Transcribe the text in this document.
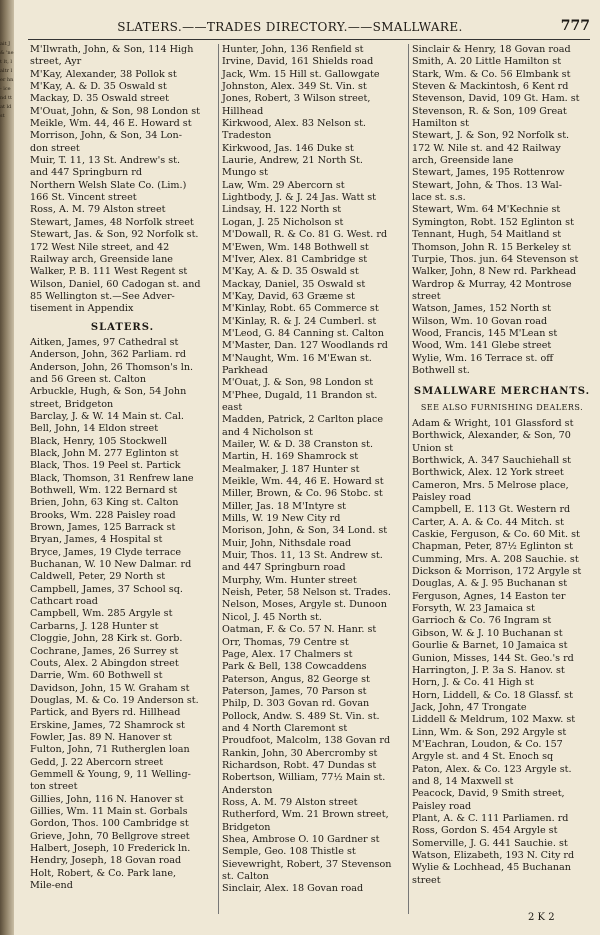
ait J & 'net lt, laltr ler hn- ice nd tt at ld st
SLATERS.——TRADES DIRECTORY.——SMALLWARE.	777
M'Ilwrath, John, & Son, 114 High
street, Ayr
M'Kay, Alexander, 38 Pollok st
M'Kay, A. & D. 35 Oswald st
Mackay, D. 35 Oswald street
M'Ouat, John, & Son, 98 London st
Meikle, Wm. 44, 46 E. Howard st
Morrison, John, & Son, 34 Lon-
don street
Muir, T. 11, 13 St. Andrew's st.
and 447 Springburn rd
Northern Welsh Slate Co. (Lim.)
166 St. Vincent street
Ross, A. M. 79 Alston street
Stewart, James, 48 Norfolk street
Stewart, Jas. & Son, 92 Norfolk st.
172 West Nile street, and 42
Railway arch, Greenside lane
Walker, P. B. 111 West Regent st
Wilson, Daniel, 60 Cadogan st. and
85 Wellington st.—See Adver-
tisement in Appendix
SLATERS.
Aitken, James, 97 Cathedral st
Anderson, John, 362 Parliam. rd
Anderson, John, 26 Thomson's ln.
and 56 Green st. Calton
Arbuckle, Hugh, & Son, 54 John
street, Bridgeton
Barclay, J. & W. 14 Main st. Cal.
Bell, John, 14 Eldon street
Black, Henry, 105 Stockwell
Black, John M. 277 Eglinton st
Black, Thos. 19 Peel st. Partick
Black, Thomson, 31 Renfrew lane
Bothwell, Wm. 122 Bernard st
Brien, John, 63 King st. Calton
Brooks, Wm. 228 Paisley road
Brown, James, 125 Barrack st
Bryan, James, 4 Hospital st
Bryce, James, 19 Clyde terrace
Buchanan, W. 10 New Dalmar. rd
Caldwell, Peter, 29 North st
Campbell, James, 37 School sq.
Cathcart road
Campbell, Wm. 285 Argyle st
Carbarns, J. 128 Hunter st
Cloggie, John, 28 Kirk st. Gorb.
Cochrane, James, 26 Surrey st
Couts, Alex. 2 Abingdon street
Darrie, Wm. 60 Bothwell st
Davidson, John, 15 W. Graham st
Douglas, M. & Co. 19 Anderson st.
Partick, and Byers rd. Hillhead
Erskine, James, 72 Shamrock st
Fowler, Jas. 89 N. Hanover st
Fulton, John, 71 Rutherglen loan
Gedd, J. 22 Abercorn street
Gemmell & Young, 9, 11 Welling-
ton street
Gillies, John, 116 N. Hanover st
Gillies, Wm. 11 Main st. Gorbals
Gordon, Thos. 100 Cambridge st
Grieve, John, 70 Bellgrove street
Halbert, Joseph, 10 Frederick ln.
Hendry, Joseph, 18 Govan road
Holt, Robert, & Co. Park lane,
Mile-end
Hunter, John, 136 Renfield st
Irvine, David, 161 Shields road
Jack, Wm. 15 Hill st. Gallowgate
Johnston, Alex. 349 St. Vin. st
Jones, Robert, 3 Wilson street,
Hillhead
Kirkwood, Alex. 83 Nelson st.
Tradeston
Kirkwood, Jas. 146 Duke st
Laurie, Andrew, 21 North St.
Mungo st
Law, Wm. 29 Abercorn st
Lightbody, J. & J. 24 Jas. Watt st
Lindsay, H. 122 North st
Logan, J. 25 Nicholson st
M'Dowall, R. & Co. 81 G. West. rd
M'Ewen, Wm. 148 Bothwell st
M'Iver, Alex. 81 Cambridge st
M'Kay, A. & D. 35 Oswald st
Mackay, Daniel, 35 Oswald st
M'Kay, David, 63 Græme st
M'Kinlay, Robt. 65 Commerce st
M'Kinlay, R. & J. 24 Cumberl. st
M'Leod, G. 84 Canning st. Calton
M'Master, Dan. 127 Woodlands rd
M'Naught, Wm. 16 M'Ewan st.
Parkhead
M'Ouat, J. & Son, 98 London st
M'Phee, Dugald, 11 Brandon st.
east
Madden, Patrick, 2 Carlton place
and 4 Nicholson st
Mailer, W. & D. 38 Cranston st.
Martin, H. 169 Shamrock st
Mealmaker, J. 187 Hunter st
Meikle, Wm. 44, 46 E. Howard st
Miller, Brown, & Co. 96 Stobc. st
Miller, Jas. 18 M'Intyre st
Mills, W. 19 New City rd
Morison, John, & Son, 34 Lond. st
Muir, John, Nithsdale road
Muir, Thos. 11, 13 St. Andrew st.
and 447 Springburn road
Murphy, Wm. Hunter street
Neish, Peter, 58 Nelson st. Trades.
Nelson, Moses, Argyle st. Dunoon
Nicol, J. 45 North st.
Oatman, F. & Co. 57 N. Hanr. st
Orr, Thomas, 79 Centre st
Page, Alex. 17 Chalmers st
Park & Bell, 138 Cowcaddens
Paterson, Angus, 82 George st
Paterson, James, 70 Parson st
Philp, D. 303 Govan rd. Govan
Pollock, Andw. S. 489 St. Vin. st.
and 4 North Claremont st
Proudfoot, Malcolm, 138 Govan rd
Rankin, John, 30 Abercromby st
Richardson, Robt. 47 Dundas st
Robertson, William, 77½ Main st.
Anderston
Ross, A. M. 79 Alston street
Rutherford, Wm. 21 Brown street,
Bridgeton
Shea, Ambrose O. 10 Gardner st
Semple, Geo. 108 Thistle st
Sievewright, Robert, 37 Stevenson
st. Calton
Sinclair, Alex. 18 Govan road
Sinclair & Henry, 18 Govan road
Smith, A. 20 Little Hamilton st
Stark, Wm. & Co. 56 Elmbank st
Steven & Mackintosh, 6 Kent rd
Stevenson, David, 109 Gt. Ham. st
Stevenson, R. & Son, 109 Great
Hamilton st
Stewart, J. & Son, 92 Norfolk st.
172 W. Nile st. and 42 Railway
arch, Greenside lane
Stewart, James, 195 Rottenrow
Stewart, John, & Thos. 13 Wal-
lace st. s.s.
Stewart, Wm. 64 M'Kechnie st
Symington, Robt. 152 Eglinton st
Tennant, Hugh, 54 Maitland st
Thomson, John R. 15 Berkeley st
Turpie, Thos. jun. 64 Stevenson st
Walker, John, 8 New rd. Parkhead
Wardrop & Murray, 42 Montrose
street
Watson, James, 152 North st
Wilson, Wm. 10 Govan road
Wood, Francis, 145 M'Lean st
Wood, Wm. 141 Glebe street
Wylie, Wm. 16 Terrace st. off
Bothwell st.
SMALLWARE MERCHANTS.
SEE ALSO FURNISHING DEALERS.
Adam & Wright, 101 Glassford st
Borthwick, Alexander, & Son, 70
Union st
Borthwick, A. 347 Sauchiehall st
Borthwick, Alex. 12 York street
Cameron, Mrs. 5 Melrose place,
Paisley road
Campbell, E. 113 Gt. Western rd
Carter, A. A. & Co. 44 Mitch. st
Caskie, Ferguson, & Co. 60 Mit. st
Chapman, Peter, 87½ Eglinton st
Cumming, Mrs. A. 208 Sauchie. st
Dickson & Morrison, 172 Argyle st
Douglas, A. & J. 95 Buchanan st
Ferguson, Agnes, 14 Easton ter
Forsyth, W. 23 Jamaica st
Garrioch & Co. 76 Ingram st
Gibson, W. & J. 10 Buchanan st
Gourlie & Barnet, 10 Jamaica st
Gunion, Misses, 144 St. Geo.'s rd
Harrington, J. P. 3a S. Hanov. st
Horn, J. & Co. 41 High st
Horn, Liddell, & Co. 18 Glassf. st
Jack, John, 47 Trongate
Liddell & Meldrum, 102 Maxw. st
Linn, Wm. & Son, 292 Argyle st
M'Eachran, Loudon, & Co. 157
Argyle st. and 4 St. Enoch sq
Paton, Alex. & Co. 123 Argyle st.
and 8, 14 Maxwell st
Peacock, David, 9 Smith street,
Paisley road
Plant, A. & C. 111 Parliamen. rd
Ross, Gordon S. 454 Argyle st
Somerville, J. G. 441 Sauchie. st
Watson, Elizabeth, 193 N. City rd
Wylie & Lochhead, 45 Buchanan
street
2 K 2
